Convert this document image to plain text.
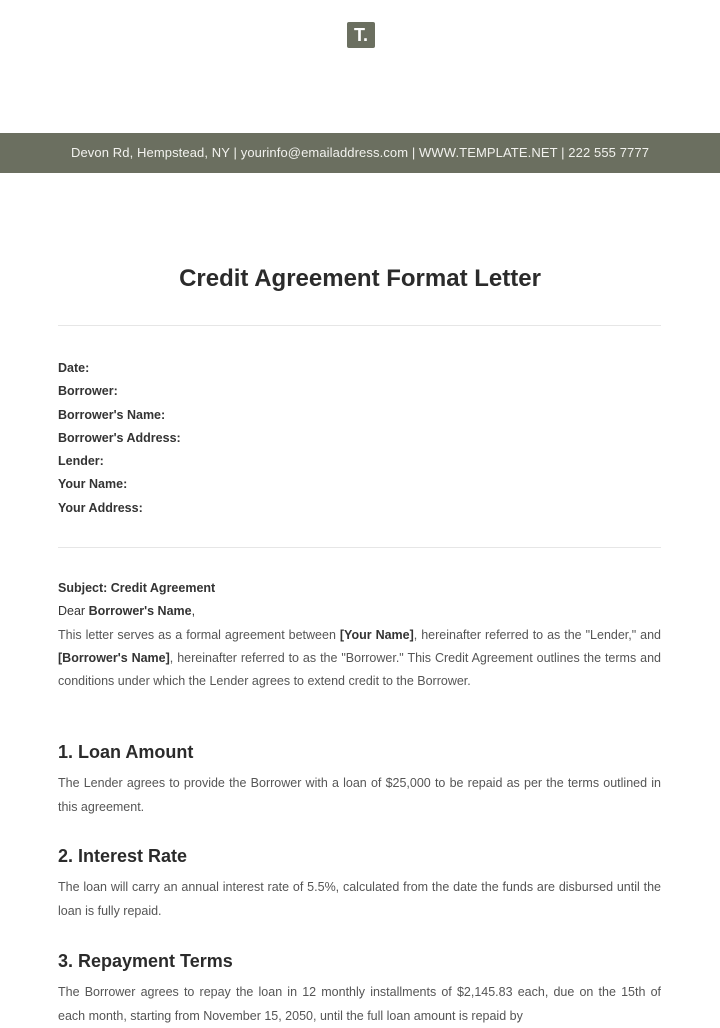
T.
Devon Rd, Hempstead, NY | yourinfo@emailaddress.com | WWW.TEMPLATE.NET | 222 555 7777
Credit Agreement Format Letter
Date:
Borrower:
Borrower's Name:
Borrower's Address:
Lender:
Your Name:
Your Address:
Subject: Credit Agreement
Dear Borrower's Name,
This letter serves as a formal agreement between [Your Name], hereinafter referred to as the "Lender," and [Borrower's Name], hereinafter referred to as the "Borrower." This Credit Agreement outlines the terms and conditions under which the Lender agrees to extend credit to the Borrower.
1. Loan Amount

The Lender agrees to provide the Borrower with a loan of $25,000 to be repaid as per the terms outlined in this agreement.

2. Interest Rate

The loan will carry an annual interest rate of 5.5%, calculated from the date the funds are disbursed until the loan is fully repaid.

3. Repayment Terms

The Borrower agrees to repay the loan in 12 monthly installments of $2,145.83 each, due on the 15th of each month, starting from November 15, 2050, until the full loan amount is repaid by
